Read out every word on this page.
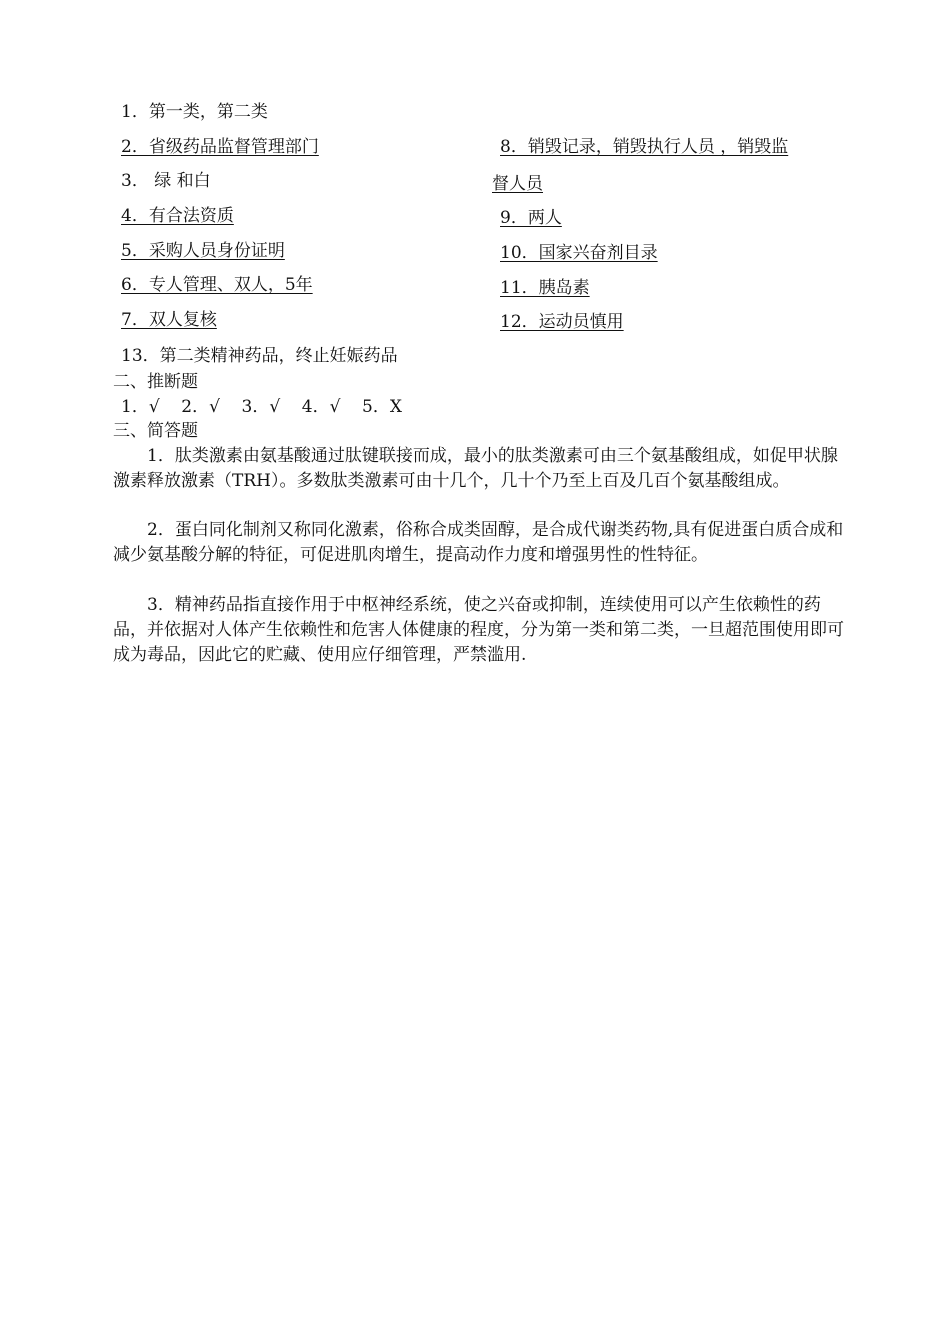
1．第一类，第二类
2．省级药品监督管理部门
3． 绿 和白
4．有合法资质
5．采购人员身份证明
6．专人管理、双人，5年
7．双人复核
8．销毁记录，销毁执行人员 ，销毁监
督人员
9．两人
10．国家兴奋剂目录
11．胰岛素
12．运动员慎用
13．第二类精神药品，终止妊娠药品
二、推断题
1．√    2．√    3．√    4．√    5．X
三、简答题
1．肽类激素由氨基酸通过肽键联接而成，最小的肽类激素可由三个氨基酸组成，如促甲状腺激素释放激素（TRH）。多数肽类激素可由十几个，几十个乃至上百及几百个氨基酸组成。
2．蛋白同化制剂又称同化激素，俗称合成类固醇，是合成代谢类药物,具有促进蛋白质合成和减少氨基酸分解的特征，可促进肌肉增生，提高动作力度和增强男性的性特征。
3．精神药品指直接作用于中枢神经系统，使之兴奋或抑制，连续使用可以产生依赖性的药品，并依据对人体产生依赖性和危害人体健康的程度，分为第一类和第二类，一旦超范围使用即可成为毒品，因此它的贮藏、使用应仔细管理，严禁滥用.
